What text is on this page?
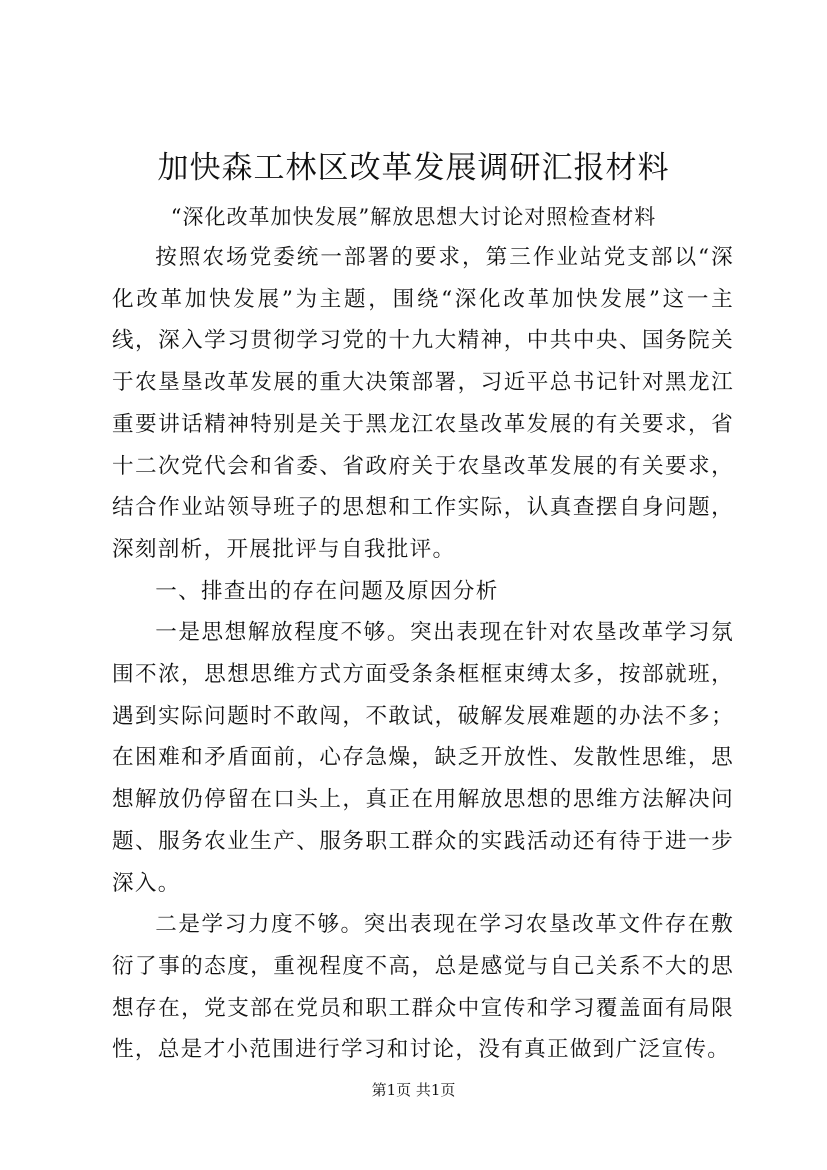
加快森工林区改革发展调研汇报材料
“深化改革加快发展”解放思想大讨论对照检查材料

按照农场党委统一部署的要求，第三作业站党支部以“深化改革加快发展”为主题，围绕“深化改革加快发展”这一主线，深入学习贯彻学习党的十九大精神，中共中央、国务院关于农垦垦改革发展的重大决策部署，习近平总书记针对黑龙江重要讲话精神特别是关于黑龙江农垦改革发展的有关要求，省十二次党代会和省委、省政府关于农垦改革发展的有关要求，结合作业站领导班子的思想和工作实际，认真查摆自身问题，深刻剖析，开展批评与自我批评。

一、排查出的存在问题及原因分析

一是思想解放程度不够。突出表现在针对农垦改革学习氛围不浓，思想思维方式方面受条条框框束缚太多，按部就班，遇到实际问题时不敢闯，不敢试，破解发展难题的办法不多；在困难和矛盾面前，心存急燥，缺乏开放性、发散性思维，思想解放仍停留在口头上，真正在用解放思想的思维方法解决问题、服务农业生产、服务职工群众的实践活动还有待于进一步深入。

二是学习力度不够。突出表现在学习农垦改革文件存在敷衍了事的态度，重视程度不高，总是感觉与自己关系不大的思想存在，党支部在党员和职工群众中宣传和学习覆盖面有局限性，总是才小范围进行学习和讨论，没有真正做到广泛宣传。

第1页 共1页
